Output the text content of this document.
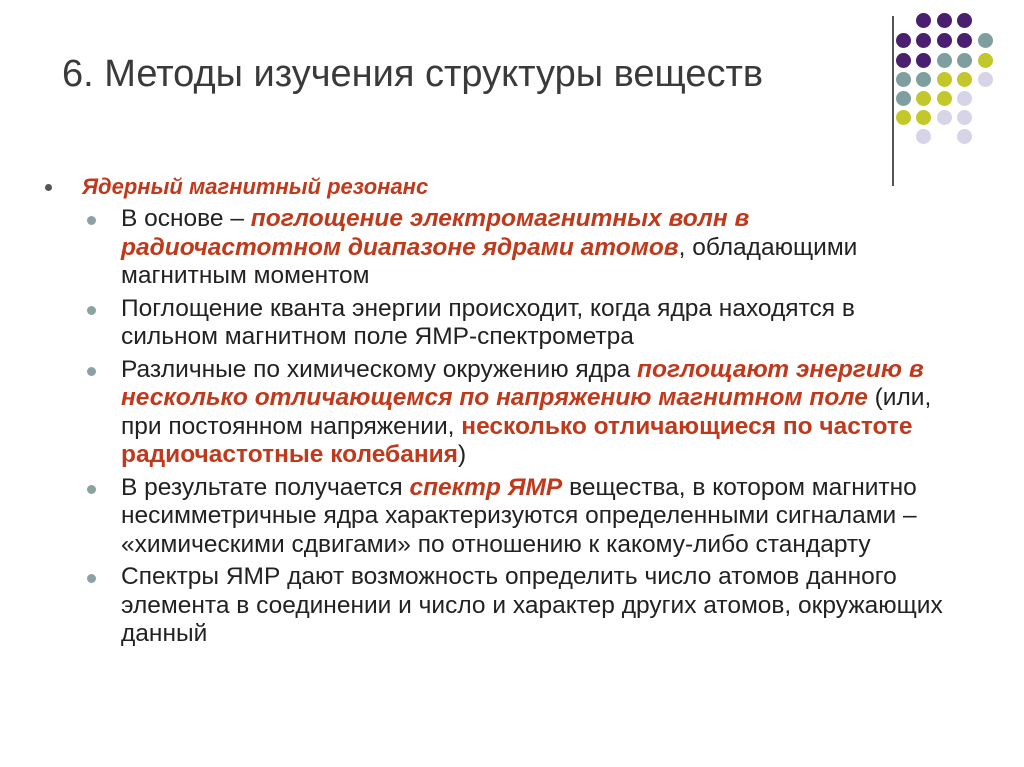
6. Методы изучения структуры веществ
Ядерный магнитный резонанс
В основе – поглощение электромагнитных волн в радиочастотном диапазоне ядрами атомов, обладающими магнитным моментом
Поглощение кванта энергии происходит, когда ядра находятся в сильном магнитном поле ЯМР-спектрометра
Различные по химическому окружению ядра поглощают энергию в несколько отличающемся по напряжению магнитном поле (или, при постоянном напряжении, несколько отличающиеся по частоте радиочастотные колебания)
В результате получается спектр ЯМР вещества, в котором магнитно несимметричные ядра характеризуются определенными сигналами – «химическими сдвигами» по отношению к какому-либо стандарту
Спектры ЯМР дают возможность определить число атомов данного элемента в соединении и число и характер других атомов, окружающих данный
